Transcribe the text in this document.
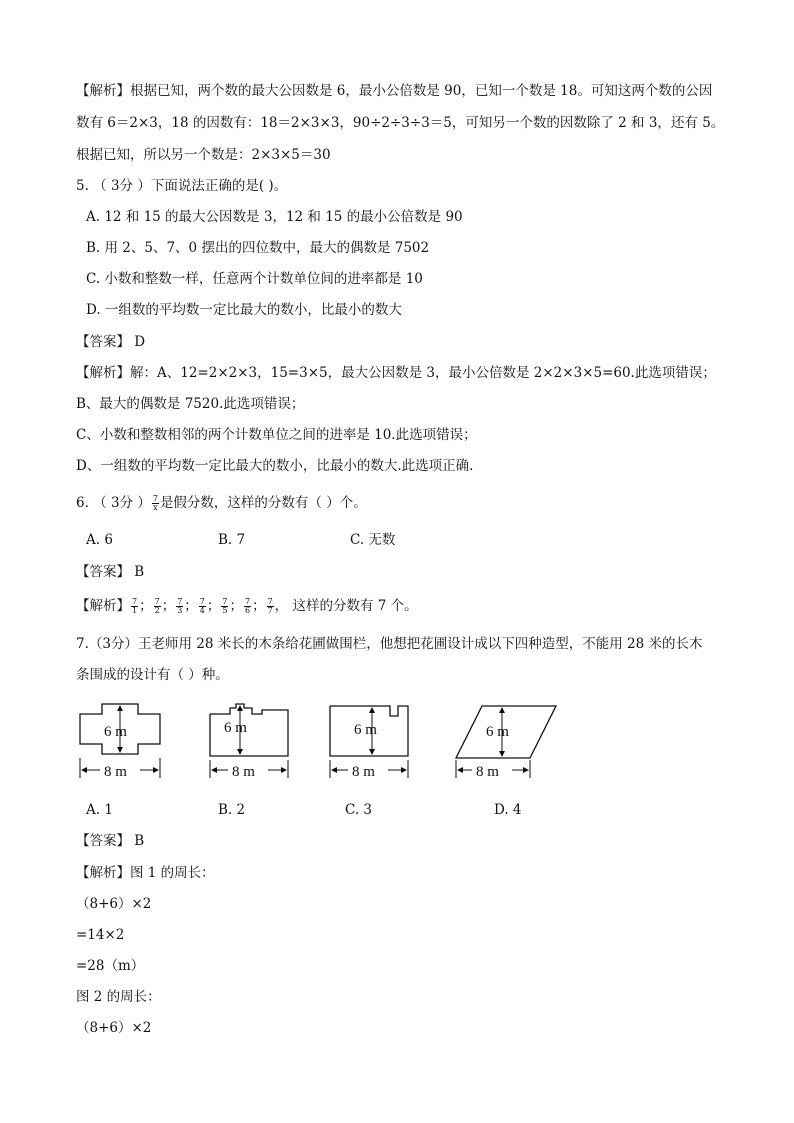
【解析】根据已知，两个数的最大公因数是 6，最小公倍数是 90，已知一个数是 18。可知这两个数的公因
数有 6＝2×3，18 的因数有：18＝2×3×3，90÷2÷3÷3＝5，可知另一个数的因数除了 2 和 3，还有 5。
根据已知，所以另一个数是：2×3×5＝30
5. （ 3分 ）下面说法正确的是( )。
A. 12 和 15 的最大公因数是 3，12 和 15 的最小公倍数是 90
B. 用 2、5、7、0 摆出的四位数中，最大的偶数是 7502
C. 小数和整数一样，任意两个计数单位间的进率都是 10
D. 一组数的平均数一定比最大的数小，比最小的数大
【答案】 D
【解析】解：A、12=2×2×3，15=3×5，最大公因数是 3，最小公倍数是 2×2×3×5=60.此选项错误；
B、最大的偶数是 7520.此选项错误；
C、小数和整数相邻的两个计数单位之间的进率是 10.此选项错误；
D、一组数的平均数一定比最大的数小，比最小的数大.此选项正确.
6. （ 3分 ） $\frac{7}{x}$ 是假分数，这样的分数有（ ）个。
A. 6	B. 7	C. 无数
【答案】 B
【解析】 $\frac{7}{1}$ ； $\frac{7}{2}$ ； $\frac{7}{3}$ ； $\frac{7}{4}$ ； $\frac{7}{5}$ ； $\frac{7}{6}$ ； $\frac{7}{7}$ ， 这样的分数有 7 个。
7.（3分）王老师用 28 米长的木条给花圃做围栏，他想把花圃设计成以下四种造型，不能用 28 米的长木
条围成的设计有（ ）种。
6 m
8 m
6 m
8 m
6 m
8 m
6 m
8 m
A. 1	B. 2	C. 3	D. 4
【答案】 B
【解析】图 1 的周长：
（8+6）×2
=14×2
=28（m）
图 2 的周长：
（8+6）×2
